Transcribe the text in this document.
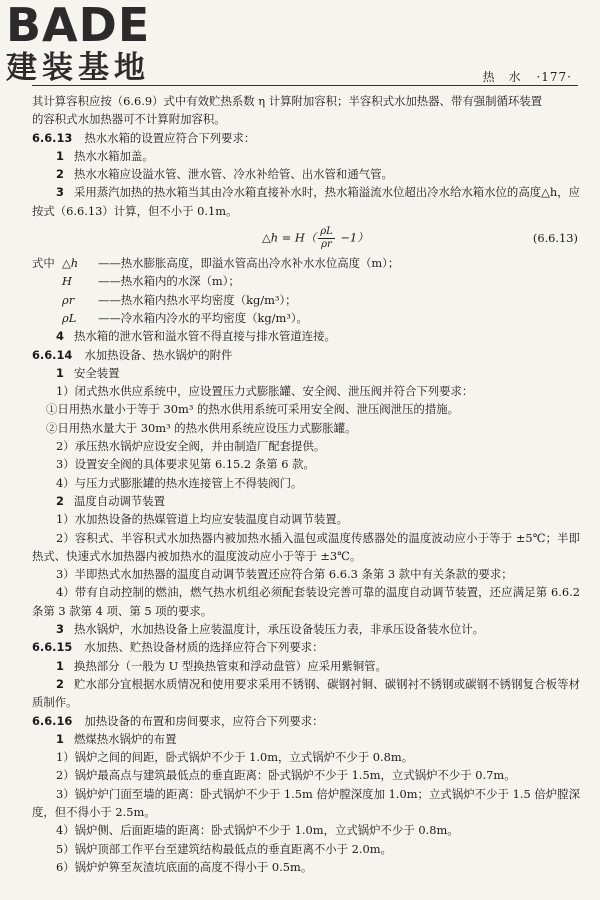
BADE
建装基地	热　水 ·177·

其计算容积应按（6.6.9）式中有效贮热系数 η 计算附加容积；半容积式水加热器、带有强制循环装置

的容积式水加热器可不计算附加容积。

6.6.13 热水水箱的设置应符合下列要求：

1 热水水箱加盖。

2 热水水箱应设溢水管、泄水管、冷水补给管、出水管和通气管。

3 采用蒸汽加热的热水箱当其由冷水箱直接补水时，热水箱溢流水位超出冷水给水箱水位的高度△h，应按式（6.6.13）计算，但不小于 0.1m。

△h = $H( \frac{\rho L}{\rho r} -1)$	(6.6.13)

式中 △h ——热水膨胀高度，即溢水管高出冷水补水水位高度（m）；

H ——热水箱内的水深（m）；

ρr ——热水箱内热水平均密度（kg/m³）；

ρL ——冷水箱内冷水的平均密度（kg/m³）。

4 热水箱的泄水管和溢水管不得直接与排水管道连接。

6.6.14 水加热设备、热水锅炉的附件

1 安全装置

1）闭式热水供应系统中，应设置压力式膨胀罐、安全阀、泄压阀并符合下列要求：

①日用热水量小于等于 30m³ 的热水供用系统可采用安全阀、泄压阀泄压的措施。

②日用热水量大于 30m³ 的热水供用系统应设压力式膨胀罐。

2）承压热水锅炉应设安全阀，并由制造厂配套提供。

3）设置安全阀的具体要求见第 6.15.2 条第 6 款。

4）与压力式膨胀罐的热水连接管上不得装阀门。

2 温度自动调节装置

1）水加热设备的热媒管道上均应安装温度自动调节装置。

2）容积式、半容积式水加热器内被加热水插入温包或温度传感器处的温度波动应小于等于 ±5℃；半即热式、快速式水加热器内被加热水的温度波动应小于等于 ±3℃。

3）半即热式水加热器的温度自动调节装置还应符合第 6.6.3 条第 3 款中有关条款的要求；

4）带有自动控制的燃油，燃气热水机组必须配套装设完善可靠的温度自动调节装置，还应满足第 6.6.2 条第 3 款第 4 项、第 5 项的要求。

3 热水锅炉，水加热设备上应装温度计，承压设备装压力表，非承压设备装水位计。

6.6.15 水加热、贮热设备材质的选择应符合下列要求：

1 换热部分（一般为 U 型换热管束和浮动盘管）应采用紫铜管。

2 贮水部分宜根据水质情况和使用要求采用不锈钢、碳钢衬铜、碳钢衬不锈钢或碳钢不锈钢复合板等材质制作。

6.6.16 加热设备的布置和房间要求，应符合下列要求：

1 燃煤热水锅炉的布置

1）锅炉之间的间距，卧式锅炉不少于 1.0m，立式锅炉不少于 0.8m。

2）锅炉最高点与建筑最低点的垂直距离：卧式锅炉不少于 1.5m，立式锅炉不少于 0.7m。

3）锅炉炉门面至墙的距离：卧式锅炉不少于 1.5m 倍炉膛深度加 1.0m；立式锅炉不少于 1.5 倍炉膛深度，但不得小于 2.5m。

4）锅炉侧、后面距墙的距离：卧式锅炉不少于 1.0m，立式锅炉不少于 0.8m。

5）锅炉顶部工作平台至建筑结构最低点的垂直距离不小于 2.0m。

6）锅炉炉箅至灰渣坑底面的高度不得小于 0.5m。
